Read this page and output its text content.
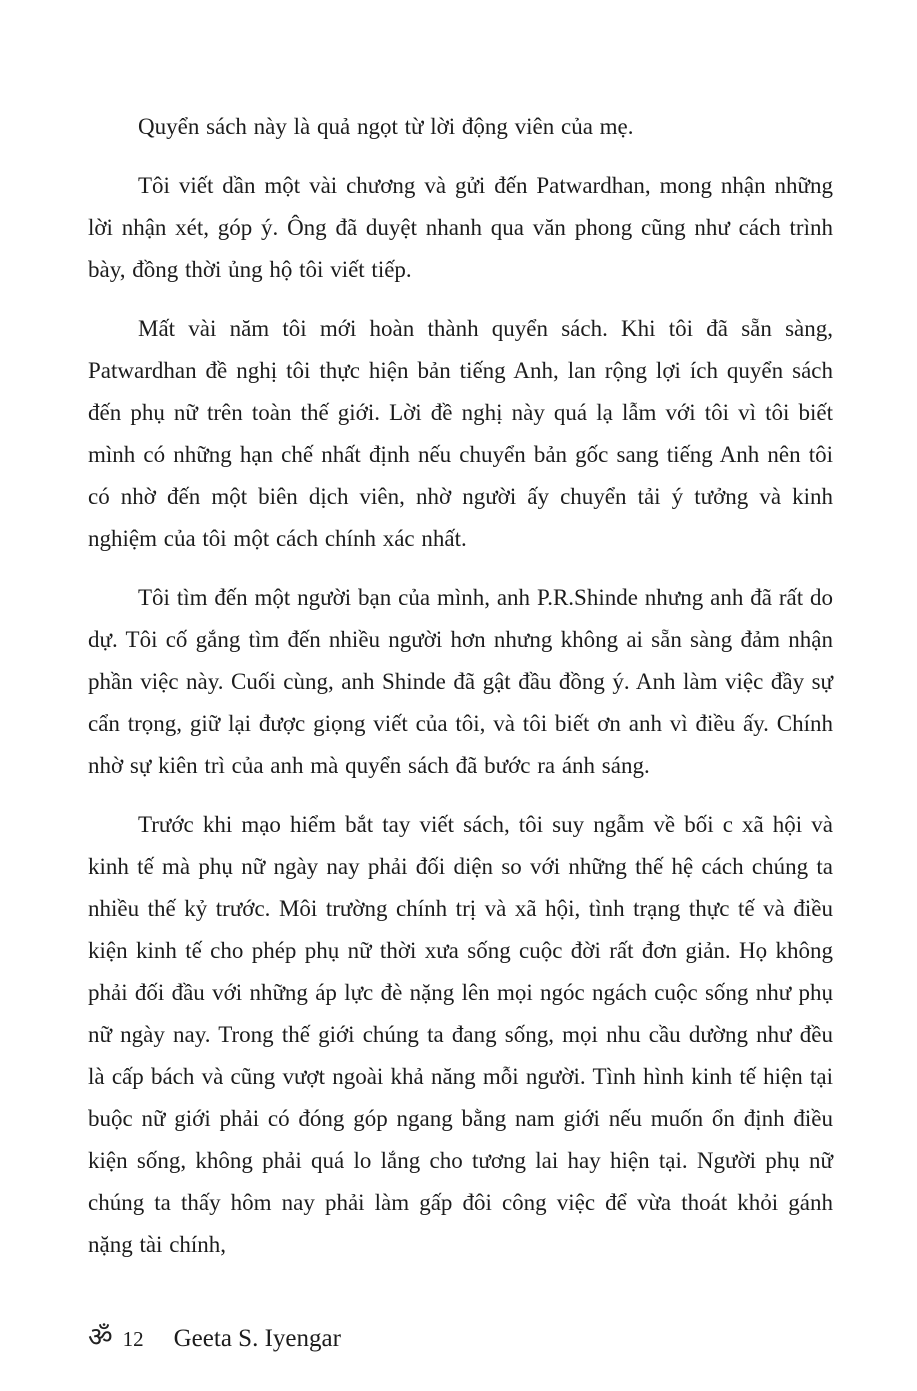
Quyển sách này là quả ngọt từ lời động viên của mẹ.

Tôi viết dần một vài chương và gửi đến Patwardhan, mong nhận những lời nhận xét, góp ý. Ông đã duyệt nhanh qua văn phong cũng như cách trình bày, đồng thời ủng hộ tôi viết tiếp.

Mất vài năm tôi mới hoàn thành quyển sách. Khi tôi đã sẵn sàng, Patwardhan đề nghị tôi thực hiện bản tiếng Anh, lan rộng lợi ích quyển sách đến phụ nữ trên toàn thế giới. Lời đề nghị này quá lạ lẫm với tôi vì tôi biết mình có những hạn chế nhất định nếu chuyển bản gốc sang tiếng Anh nên tôi có nhờ đến một biên dịch viên, nhờ người ấy chuyển tải ý tưởng và kinh nghiệm của tôi một cách chính xác nhất.

Tôi tìm đến một người bạn của mình, anh P.R.Shinde nhưng anh đã rất do dự. Tôi cố gắng tìm đến nhiều người hơn nhưng không ai sẵn sàng đảm nhận phần việc này. Cuối cùng, anh Shinde đã gật đầu đồng ý. Anh làm việc đầy sự cẩn trọng, giữ lại được giọng viết của tôi, và tôi biết ơn anh vì điều ấy. Chính nhờ sự kiên trì của anh mà quyển sách đã bước ra ánh sáng.

Trước khi mạo hiểm bắt tay viết sách, tôi suy ngẫm về bối c xã hội và kinh tế mà phụ nữ ngày nay phải đối diện so với những thế hệ cách chúng ta nhiều thế kỷ trước. Môi trường chính trị và xã hội, tình trạng thực tế và điều kiện kinh tế cho phép phụ nữ thời xưa sống cuộc đời rất đơn giản. Họ không phải đối đầu với những áp lực đè nặng lên mọi ngóc ngách cuộc sống như phụ nữ ngày nay. Trong thế giới chúng ta đang sống, mọi nhu cầu dường như đều là cấp bách và cũng vượt ngoài khả năng mỗi người. Tình hình kinh tế hiện tại buộc nữ giới phải có đóng góp ngang bằng nam giới nếu muốn ổn định điều kiện sống, không phải quá lo lắng cho tương lai hay hiện tại. Người phụ nữ chúng ta thấy hôm nay phải làm gấp đôi công việc để vừa thoát khỏi gánh nặng tài chính,

ॐ 12 Geeta S. Iyengar
